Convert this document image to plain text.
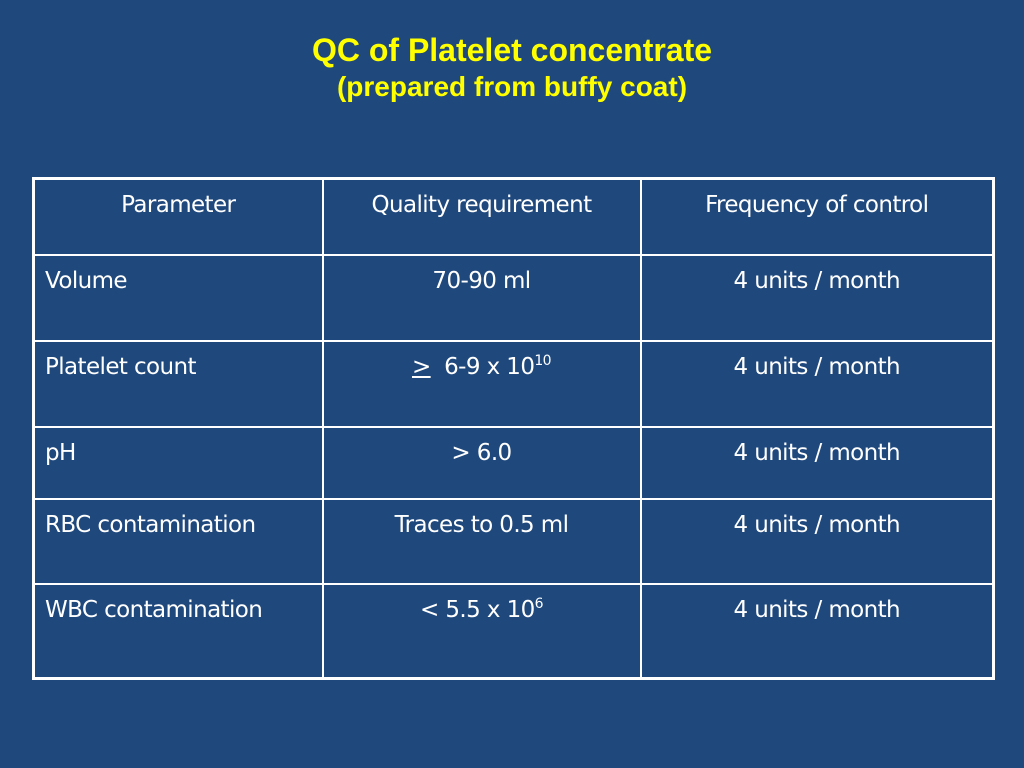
QC of Platelet concentrate
(prepared from buffy coat)
Parameter	Quality requirement	Frequency of control
Volume	70-90 ml	4 units / month
Platelet count	≥ 6-9 x $10^{10}$	4 units / month
pH	> 6.0	4 units / month
RBC contamination	Traces to 0.5 ml	4 units / month
WBC contamination	< 5.5 x $10^6$	4 units / month
